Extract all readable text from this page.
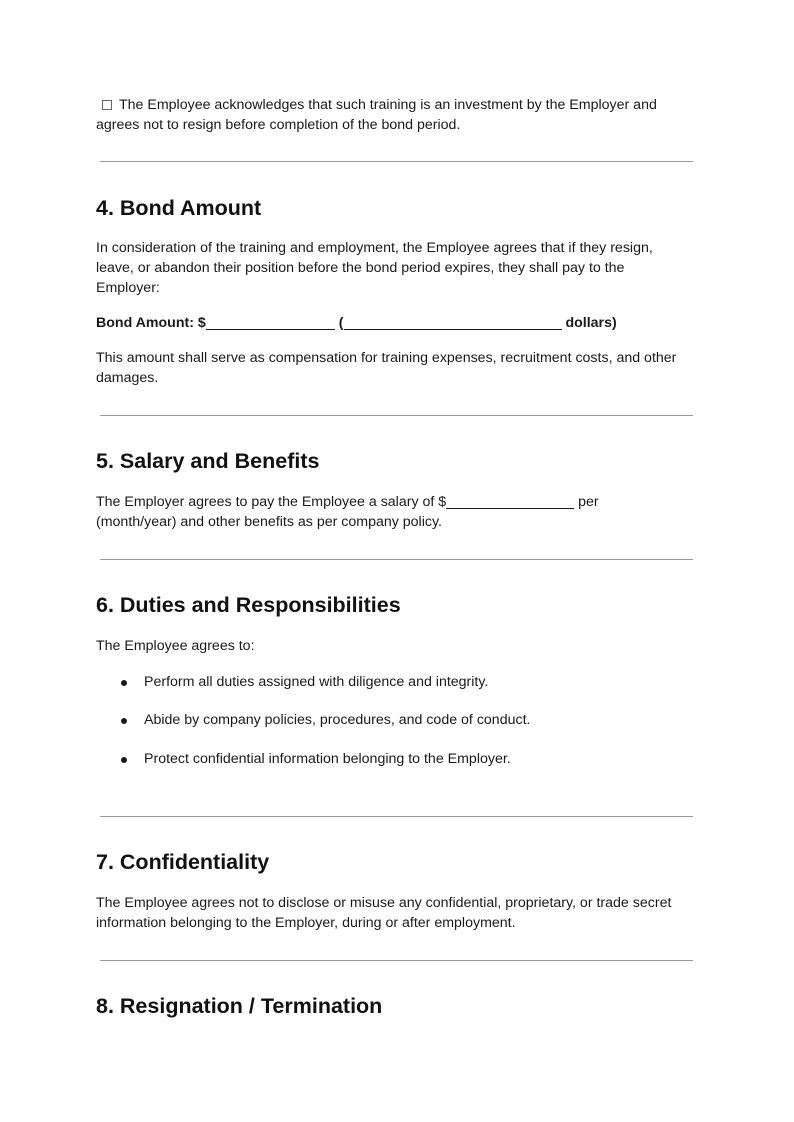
The Employee acknowledges that such training is an investment by the Employer and
agrees not to resign before completion of the bond period.
4. Bond Amount
In consideration of the training and employment, the Employee agrees that if they resign,
leave, or abandon their position before the bond period expires, they shall pay to the
Employer:
Bond Amount: $	(	dollars)
This amount shall serve as compensation for training expenses, recruitment costs, and other
damages.
5. Salary and Benefits
The Employer agrees to pay the Employee a salary of $	per
(month/year) and other benefits as per company policy.
6. Duties and Responsibilities
The Employee agrees to:
Perform all duties assigned with diligence and integrity.
Abide by company policies, procedures, and code of conduct.
Protect confidential information belonging to the Employer.
7. Confidentiality
The Employee agrees not to disclose or misuse any confidential, proprietary, or trade secret
information belonging to the Employer, during or after employment.
8. Resignation / Termination
